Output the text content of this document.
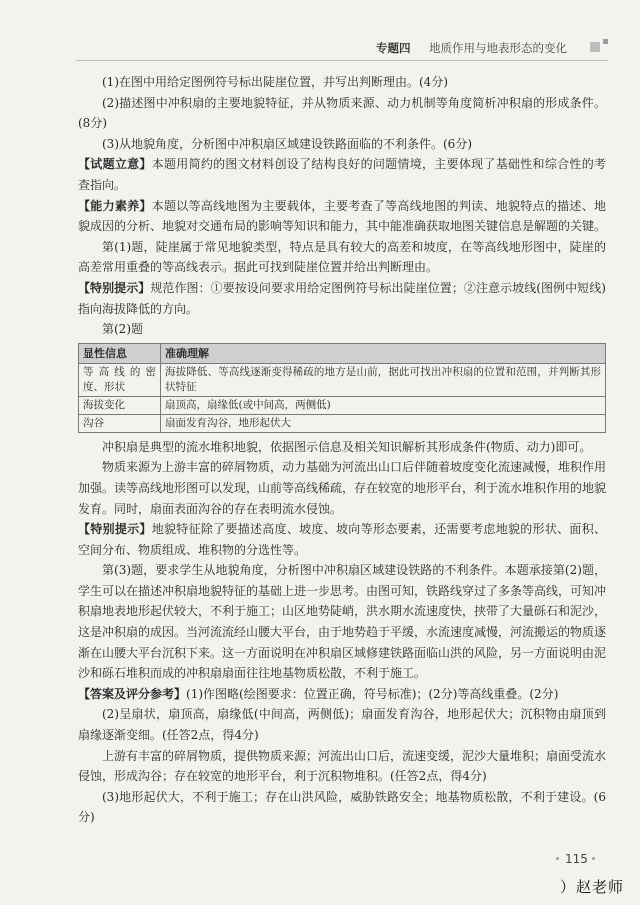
专题四 地质作用与地表形态的变化

(1)在图中用给定图例符号标出陡崖位置，并写出判断理由。(4分)

(2)描述图中冲积扇的主要地貌特征，并从物质来源、动力机制等角度简析冲积扇的形成条件。(8分)

(3)从地貌角度，分析图中冲积扇区域建设铁路面临的不利条件。(6分)

【试题立意】本题用简约的图文材料创设了结构良好的问题情境，主要体现了基础性和综合性的考查指向。

【能力素养】本题以等高线地图为主要载体，主要考查了等高线地图的判读、地貌特点的描述、地貌成因的分析、地貌对交通布局的影响等知识和能力，其中能准确获取地图关键信息是解题的关键。

第(1)题，陡崖属于常见地貌类型，特点是具有较大的高差和坡度，在等高线地形图中，陡崖的高差常用重叠的等高线表示。据此可找到陡崖位置并给出判断理由。

【特别提示】规范作图：①要按设问要求用给定图例符号标出陡崖位置；②注意示坡线(图例中短线)指向海拔降低的方向。

第(2)题

显性信息	准确理解
等高线的密度、形状	海拔降低、等高线逐渐变得稀疏的地方是山前，据此可找出冲积扇的位置和范围，并判断其形状特征
海拔变化	扇顶高，扇缘低(或中间高，两侧低)
沟谷	扇面发育沟谷，地形起伏大

冲积扇是典型的流水堆积地貌，依据图示信息及相关知识解析其形成条件(物质、动力)即可。

物质来源为上游丰富的碎屑物质，动力基础为河流出山口后伴随着坡度变化流速减慢，堆积作用加强。读等高线地形图可以发现，山前等高线稀疏，存在较宽的地形平台，利于流水堆积作用的地貌发育。同时，扇面表面沟谷的存在表明流水侵蚀。

【特别提示】地貌特征除了要描述高度、坡度、坡向等形态要素，还需要考虑地貌的形状、面积、空间分布、物质组成、堆积物的分选性等。

第(3)题，要求学生从地貌角度，分析图中冲积扇区域建设铁路的不利条件。本题承接第(2)题，学生可以在描述冲积扇地貌特征的基础上进一步思考。由图可知，铁路线穿过了多条等高线，可知冲积扇地表地形起伏较大，不利于施工；山区地势陡峭，洪水期水流速度快，挟带了大量砾石和泥沙，这是冲积扇的成因。当河流流经山腰大平台，由于地势趋于平缓，水流速度减慢，河流搬运的物质逐渐在山腰大平台沉积下来。这一方面说明在冲积扇区域修建铁路面临山洪的风险，另一方面说明由泥沙和砾石堆积而成的冲积扇扇面往往地基物质松散，不利于施工。

【答案及评分参考】(1)作图略(绘图要求：位置正确，符号标准)；(2分)等高线重叠。(2分)

(2)呈扇状，扇顶高，扇缘低(中间高，两侧低)；扇面发育沟谷，地形起伏大；沉积物由扇顶到扇缘逐渐变细。(任答2点，得4分)

上游有丰富的碎屑物质，提供物质来源；河流出山口后，流速变缓，泥沙大量堆积；扇面受流水侵蚀，形成沟谷；存在较宽的地形平台，利于沉积物堆积。(任答2点，得4分)

(3)地形起伏大，不利于施工；存在山洪风险，威胁铁路安全；地基物质松散，不利于建设。(6分)

115
）赵老师
